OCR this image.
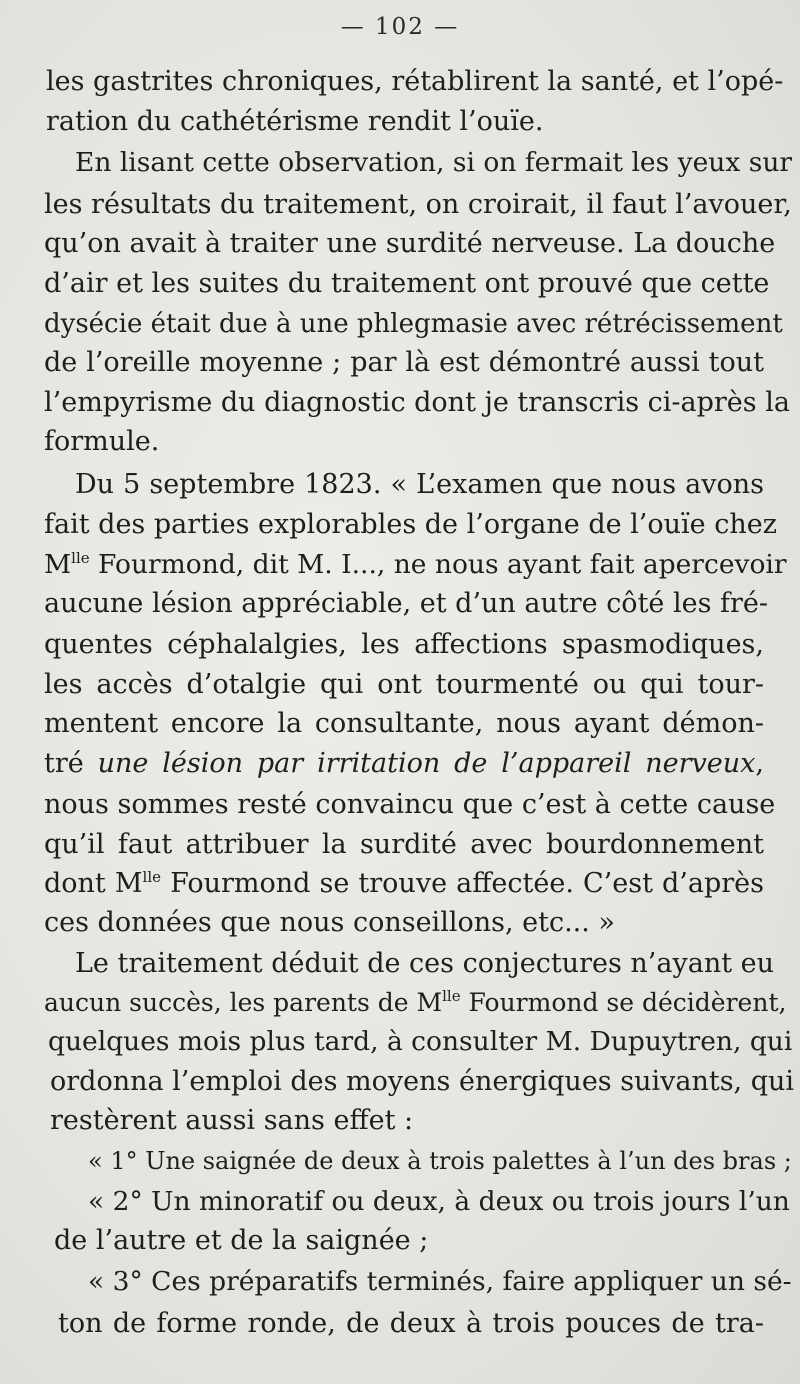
— 102 —
les gastrites chroniques, rétablirent la santé, et l’opé-
ration du cathétérisme rendit l’ouïe.
En lisant cette observation, si on fermait les yeux sur
les résultats du traitement, on croirait, il faut l’avouer,
qu’on avait à traiter une surdité nerveuse. La douche
d’air et les suites du traitement ont prouvé que cette
dysécie était due à une phlegmasie avec rétrécissement
de l’oreille moyenne ; par là est démontré aussi tout
l’empyrisme du diagnostic dont je transcris ci-après la
formule.
Du 5 septembre 1823. « L’examen que nous avons
fait des parties explorables de l’organe de l’ouïe chez
$M^{lle}$ Fourmond, dit M. I..., ne nous ayant fait apercevoir
aucune lésion appréciable, et d’un autre côté les fré-
quentes céphalalgies, les affections spasmodiques,
les accès d’otalgie qui ont tourmenté ou qui tour-
mentent encore la consultante, nous ayant démon-
tré une lésion par irritation de l’appareil nerveux,
nous sommes resté convaincu que c’est à cette cause
qu’il faut attribuer la surdité avec bourdonnement
dont $M^{lle}$ Fourmond se trouve affectée. C’est d’après
ces données que nous conseillons, etc... »
Le traitement déduit de ces conjectures n’ayant eu
aucun succès, les parents de $M^{lle}$ Fourmond se décidèrent,
quelques mois plus tard, à consulter M. Dupuytren, qui
ordonna l’emploi des moyens énergiques suivants, qui
restèrent aussi sans effet :
« 1° Une saignée de deux à trois palettes à l’un des bras ;
« 2° Un minoratif ou deux, à deux ou trois jours l’un
de l’autre et de la saignée ;
« 3° Ces préparatifs terminés, faire appliquer un sé-
ton de forme ronde, de deux à trois pouces de tra-
